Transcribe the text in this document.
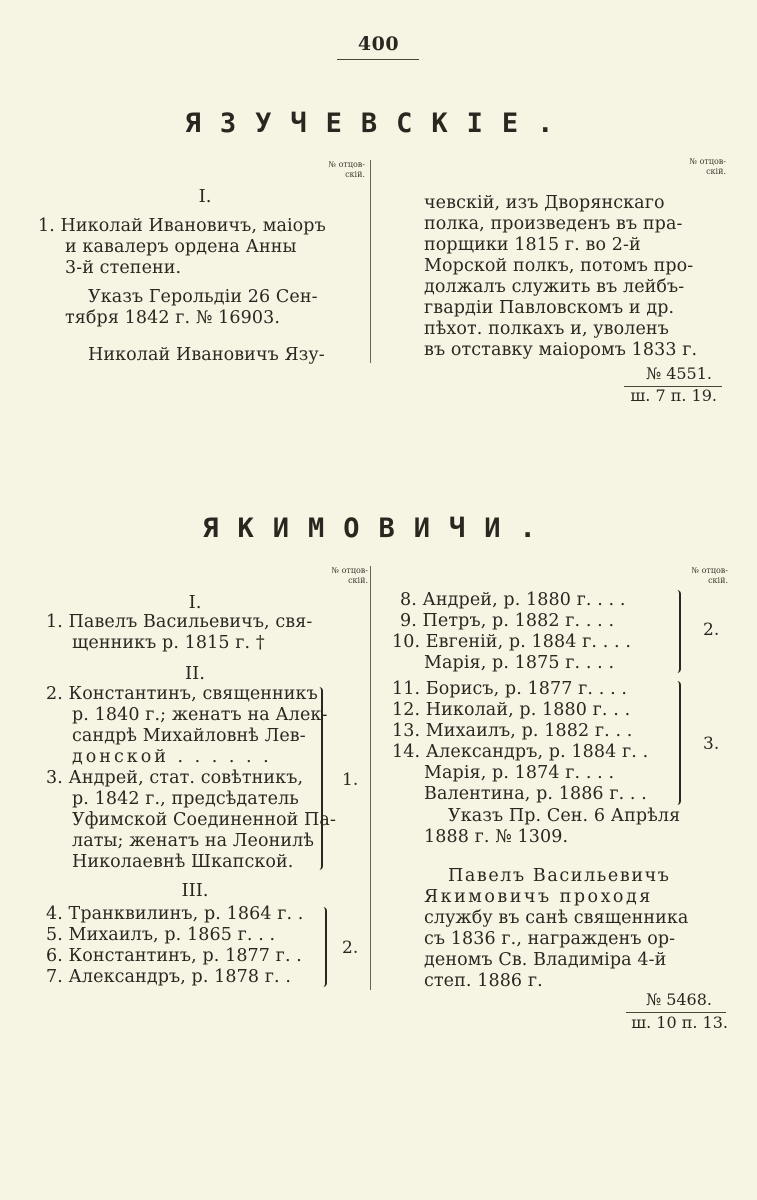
400
ЯЗУЧЕВСКIЕ.
№ отцов-
скій.
№ отцов-
скій.
I.
1. Николай Ивановичъ, маіоръ
и кавалеръ ордена Анны
3-й степени.
Указъ Герольдіи 26 Сен-
тября 1842 г. № 16903.
Николай Ивановичъ Язу-
чевскій, изъ Дворянскаго
полка, произведенъ въ пра-
порщики 1815 г. во 2-й
Морской полкъ, потомъ про-
должалъ служить въ лейбъ-
гвардіи Павловскомъ и др.
пѣхот. полкахъ и, уволенъ
въ отставку маіоромъ 1833 г.
№ 4551.
ш. 7 п. 19.
ЯКИМОВИЧИ.
№ отцов-
скій.
№ отцов-
скій.
I.
1. Павелъ Васильевичъ, свя-
щенникъ р. 1815 г. †
II.
2. Константинъ, священникъ
р. 1840 г.; женатъ на Алек-
сандрѣ Михайловнѣ Лев-
донской . . . . . .
3. Андрей, стат. совѣтникъ,
р. 1842 г., предсѣдатель
Уфимской Соединенной Па-
латы; женатъ на Леонилѣ
Николаевнѣ Шкапской.
1.
III.
4. Транквилинъ, р. 1864 г. .
5. Михаилъ, р. 1865 г. . .
6. Константинъ, р. 1877 г. .
7. Александръ, р. 1878 г. .
2.
8. Андрей, р. 1880 г. . . .
9. Петръ, р. 1882 г. . . .
10. Евгеній, р. 1884 г. . . .
Марія, р. 1875 г. . . .
2.
11. Борисъ, р. 1877 г. . . .
12. Николай, р. 1880 г. . .
13. Михаилъ, р. 1882 г. . .
14. Александръ, р. 1884 г. .
Марія, р. 1874 г. . . .
Валентина, р. 1886 г. . .
3.
Указъ Пр. Сен. 6 Апрѣля
1888 г. № 1309.
Павелъ Васильевичъ
Якимовичъ проходя
службу въ санѣ священника
съ 1836 г., награжденъ ор-
деномъ Св. Владиміра 4-й
степ. 1886 г.
№ 5468.
ш. 10 п. 13.
